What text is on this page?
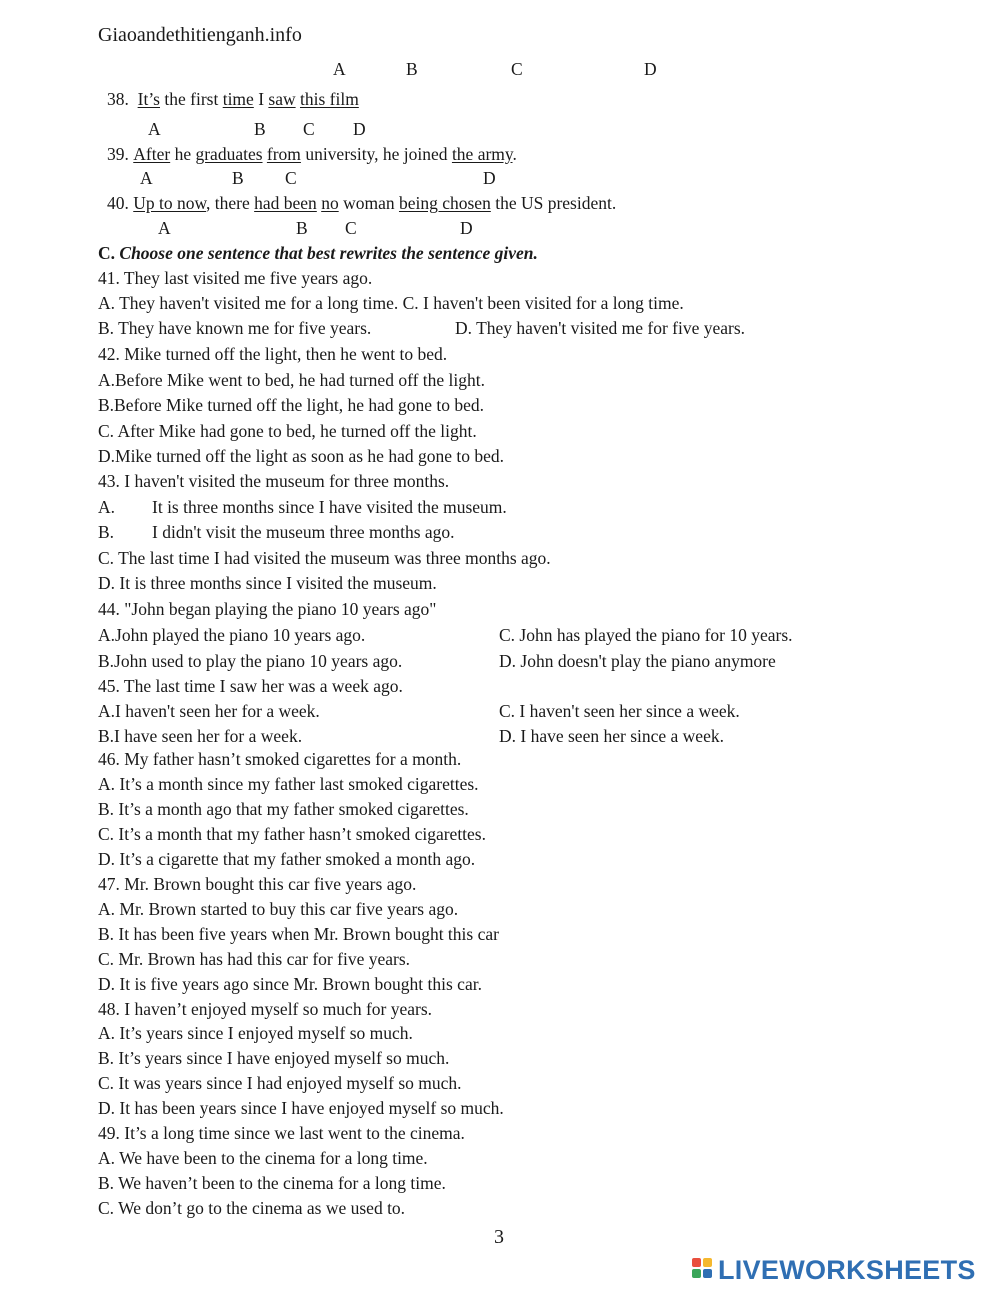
Giaoandethitienganh.info
A	B	C	D
38. It’s the first time I saw this film
A	B C D
39. After he graduates from university, he joined the army.
A	B C	D
40. Up to now, there had been no woman being chosen the US president.
A	B C	D
C. Choose one sentence that best rewrites the sentence given.
41. They last visited me five years ago.
A. They haven't visited me for a long time. C. I haven't been visited for a long time.
B. They have known me for five years.	D. They haven't visited me for five years.
42. Mike turned off the light, then he went to bed.
A.Before Mike went to bed, he had turned off the light.
B.Before Mike turned off the light, he had gone to bed.
C. After Mike had gone to bed, he turned off the light.
D.Mike turned off the light as soon as he had gone to bed.
43. I haven't visited the museum for three months.
A. It is three months since I have visited the museum.
B. I didn't visit the museum three months ago.
C. The last time I had visited the museum was three months ago.
D. It is three months since I visited the museum.
44. "John began playing the piano 10 years ago"
A.John played the piano 10 years ago.	C. John has played the piano for 10 years.
B.John used to play the piano 10 years ago.	D. John doesn't play the piano anymore
45. The last time I saw her was a week ago.
A.I haven't seen her for a week.	C. I haven't seen her since a week.
B.I have seen her for a week.	D. I have seen her since a week.
46. My father hasn’t smoked cigarettes for a month.
A. It’s a month since my father last smoked cigarettes.
B. It’s a month ago that my father smoked cigarettes.
C. It’s a month that my father hasn’t smoked cigarettes.
D. It’s a cigarette that my father smoked a month ago.
47. Mr. Brown bought this car five years ago.
A. Mr. Brown started to buy this car five years ago.
B. It has been five years when Mr. Brown bought this car
C. Mr. Brown has had this car for five years.
D. It is five years ago since Mr. Brown bought this car.
48. I haven’t enjoyed myself so much for years.
A. It’s years since I enjoyed myself so much.
B. It’s years since I have enjoyed myself so much.
C. It was years since I had enjoyed myself so much.
D. It has been years since I have enjoyed myself so much.
49. It’s a long time since we last went to the cinema.
A. We have been to the cinema for a long time.
B. We haven’t been to the cinema for a long time.
C. We don’t go to the cinema as we used to.
3
LIVEWORKSHEETS
